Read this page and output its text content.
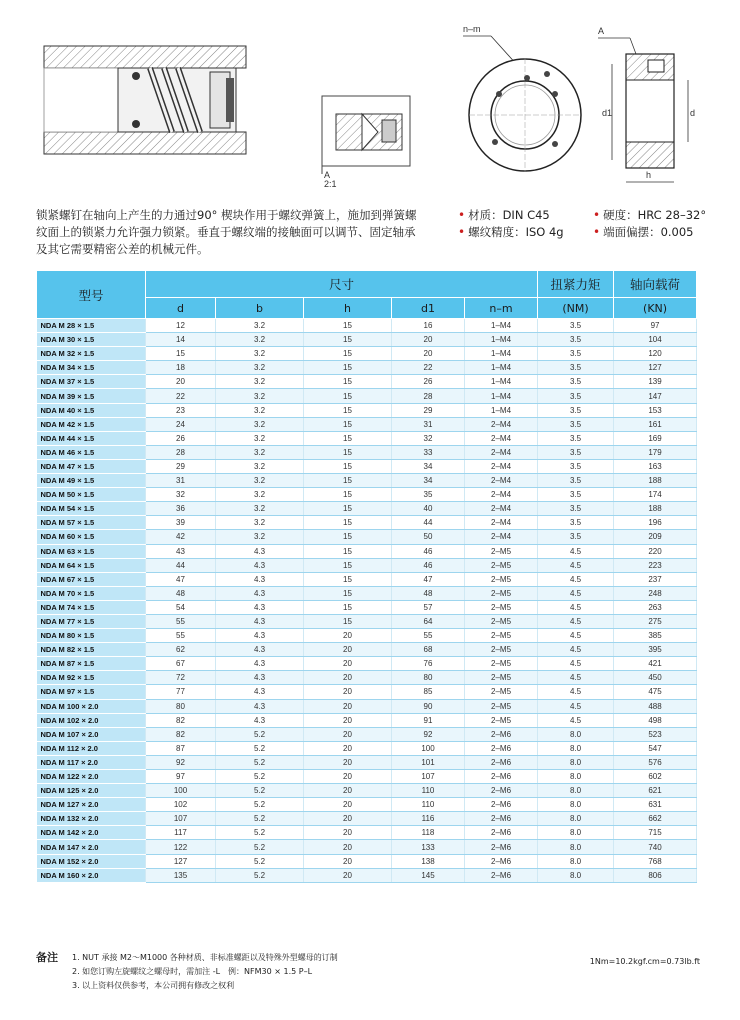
A
2:1
n–m	A
d1	d
h
锁紧螺钉在轴向上产生的力通过90° 楔块作用于螺纹弹簧上，施加到弹簧螺纹面上的锁紧力允许强力锁紧。垂直于螺纹端的接触面可以调节、固定轴承及其它需要精密公差的机械元件。
• 材质：DIN C45	• 硬度：HRC 28–32°
• 螺纹精度：ISO 4g	• 端面偏摆：0.005
型号	尺寸					扭紧力矩	轴向载荷
	d	b	h	d1	n–m	(NM)	(KN)
NDA M 28 × 1.5	12	3.2	15	16	1–M4	3.5	97
NDA M 30 × 1.5	14	3.2	15	20	1–M4	3.5	104
NDA M 32 × 1.5	15	3.2	15	20	1–M4	3.5	120
NDA M 34 × 1.5	18	3.2	15	22	1–M4	3.5	127
NDA M 37 × 1.5	20	3.2	15	26	1–M4	3.5	139
NDA M 39 × 1.5	22	3.2	15	28	1–M4	3.5	147
NDA M 40 × 1.5	23	3.2	15	29	1–M4	3.5	153
NDA M 42 × 1.5	24	3.2	15	31	2–M4	3.5	161
NDA M 44 × 1.5	26	3.2	15	32	2–M4	3.5	169
NDA M 46 × 1.5	28	3.2	15	33	2–M4	3.5	179
NDA M 47 × 1.5	29	3.2	15	34	2–M4	3.5	163
NDA M 49 × 1.5	31	3.2	15	34	2–M4	3.5	188
NDA M 50 × 1.5	32	3.2	15	35	2–M4	3.5	174
NDA M 54 × 1.5	36	3.2	15	40	2–M4	3.5	188
NDA M 57 × 1.5	39	3.2	15	44	2–M4	3.5	196
NDA M 60 × 1.5	42	3.2	15	50	2–M4	3.5	209
NDA M 63 × 1.5	43	4.3	15	46	2–M5	4.5	220
NDA M 64 × 1.5	44	4.3	15	46	2–M5	4.5	223
NDA M 67 × 1.5	47	4.3	15	47	2–M5	4.5	237
NDA M 70 × 1.5	48	4.3	15	48	2–M5	4.5	248
NDA M 74 × 1.5	54	4.3	15	57	2–M5	4.5	263
NDA M 77 × 1.5	55	4.3	15	64	2–M5	4.5	275
NDA M 80 × 1.5	55	4.3	20	55	2–M5	4.5	385
NDA M 82 × 1.5	62	4.3	20	68	2–M5	4.5	395
NDA M 87 × 1.5	67	4.3	20	76	2–M5	4.5	421
NDA M 92 × 1.5	72	4.3	20	80	2–M5	4.5	450
NDA M 97 × 1.5	77	4.3	20	85	2–M5	4.5	475
NDA M 100 × 2.0	80	4.3	20	90	2–M5	4.5	488
NDA M 102 × 2.0	82	4.3	20	91	2–M5	4.5	498
NDA M 107 × 2.0	82	5.2	20	92	2–M6	8.0	523
NDA M 112 × 2.0	87	5.2	20	100	2–M6	8.0	547
NDA M 117 × 2.0	92	5.2	20	101	2–M6	8.0	576
NDA M 122 × 2.0	97	5.2	20	107	2–M6	8.0	602
NDA M 125 × 2.0	100	5.2	20	110	2–M6	8.0	621
NDA M 127 × 2.0	102	5.2	20	110	2–M6	8.0	631
NDA M 132 × 2.0	107	5.2	20	116	2–M6	8.0	662
NDA M 142 × 2.0	117	5.2	20	118	2–M6	8.0	715
NDA M 147 × 2.0	122	5.2	20	133	2–M6	8.0	740
NDA M 152 × 2.0	127	5.2	20	138	2–M6	8.0	768
NDA M 160 × 2.0	135	5.2	20	145	2–M6	8.0	806
备注 1. NUT 承接 M2～M1000 各种材质、非标准螺距以及特殊外型螺母的订制
2. 如您订购左旋螺纹之螺母时，需加注 -L　例：NFM30 × 1.5 P–L
3. 以上资料仅供参考，本公司拥有修改之权利
1Nm=10.2kgf.cm=0.73lb.ft
